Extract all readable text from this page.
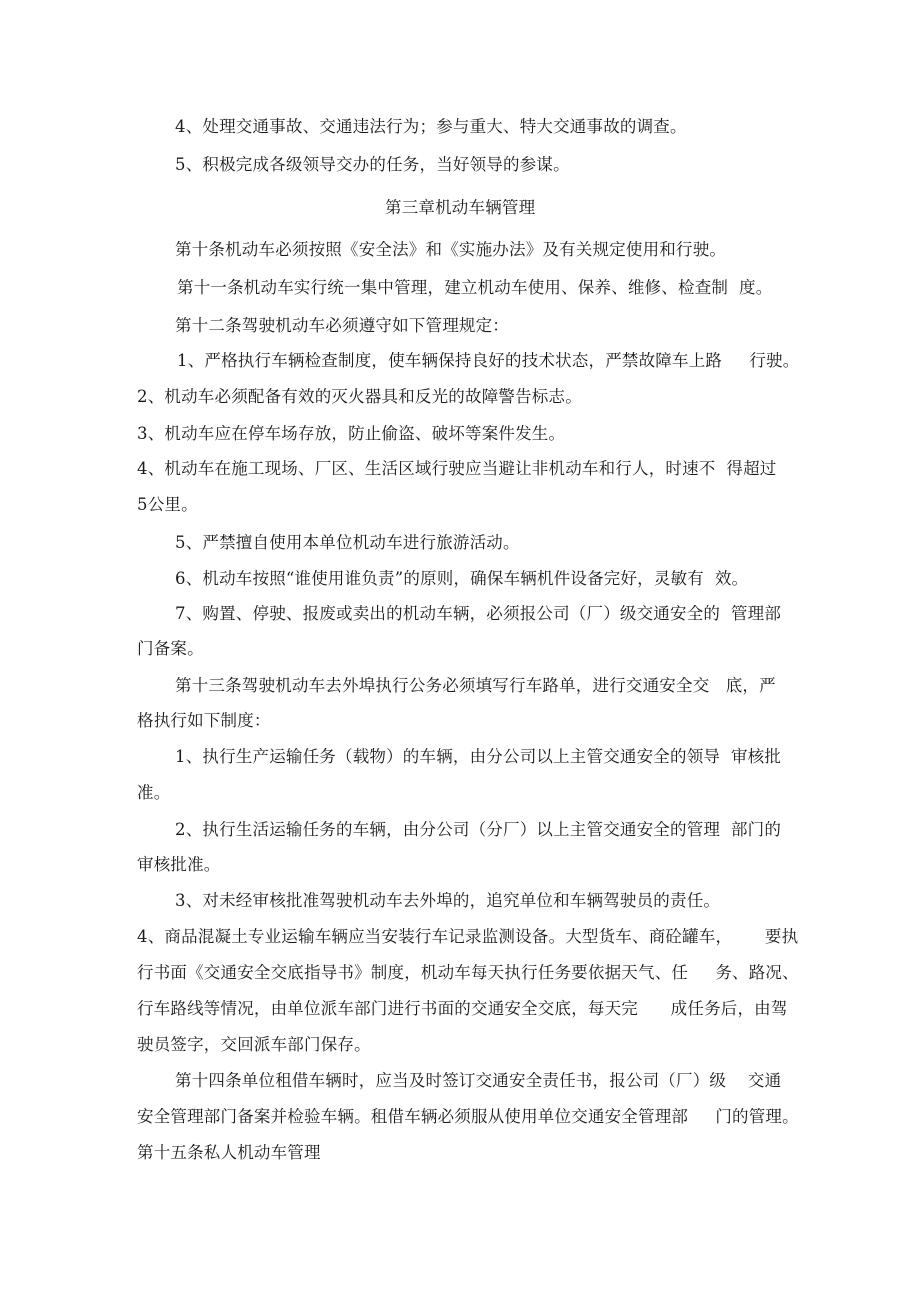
4、处理交通事故、交通违法行为；参与重大、特大交通事故的调查。
5、积极完成各级领导交办的任务，当好领导的参谋。
第三章机动车辆管理
第十条机动车必须按照《安全法》和《实施办法》及有关规定使用和行驶。
第十一条机动车实行统一集中管理，建立机动车使用、保养、维修、检查制  度。
第十二条驾驶机动车必须遵守如下管理规定：
1、严格执行车辆检查制度，使车辆保持良好的技术状态，严禁故障车上路     行驶。
2、机动车必须配备有效的灭火器具和反光的故障警告标志。
3、机动车应在停车场存放，防止偷盗、破坏等案件发生。
4、机动车在施工现场、厂区、生活区域行驶应当避让非机动车和行人，时速不  得超过
5公里。
5、严禁擅自使用本单位机动车进行旅游活动。
6、机动车按照“谁使用谁负责”的原则，确保车辆机件设备完好，灵敏有  效。
7、购置、停驶、报废或卖出的机动车辆，必须报公司（厂）级交通安全的  管理部
门备案。
第十三条驾驶机动车去外埠执行公务必须填写行车路单，进行交通安全交   底，严
格执行如下制度：
1、执行生产运输任务（载物）的车辆，由分公司以上主管交通安全的领导  审核批
准。
2、执行生活运输任务的车辆，由分公司（分厂）以上主管交通安全的管理  部门的
审核批准。
3、对未经审核批准驾驶机动车去外埠的，追究单位和车辆驾驶员的责任。
4、商品混凝土专业运输车辆应当安装行车记录监测设备。大型货车、商砼罐车，      要执
行书面《交通安全交底指导书》制度，机动车每天执行任务要依据天气、任     务、路况、
行车路线等情况，由单位派车部门进行书面的交通安全交底，每天完      成任务后，由驾
驶员签字，交回派车部门保存。
第十四条单位租借车辆时，应当及时签订交通安全责任书，报公司（厂）级    交通
安全管理部门备案并检验车辆。租借车辆必须服从使用单位交通安全管理部     门的管理。
第十五条私人机动车管理
